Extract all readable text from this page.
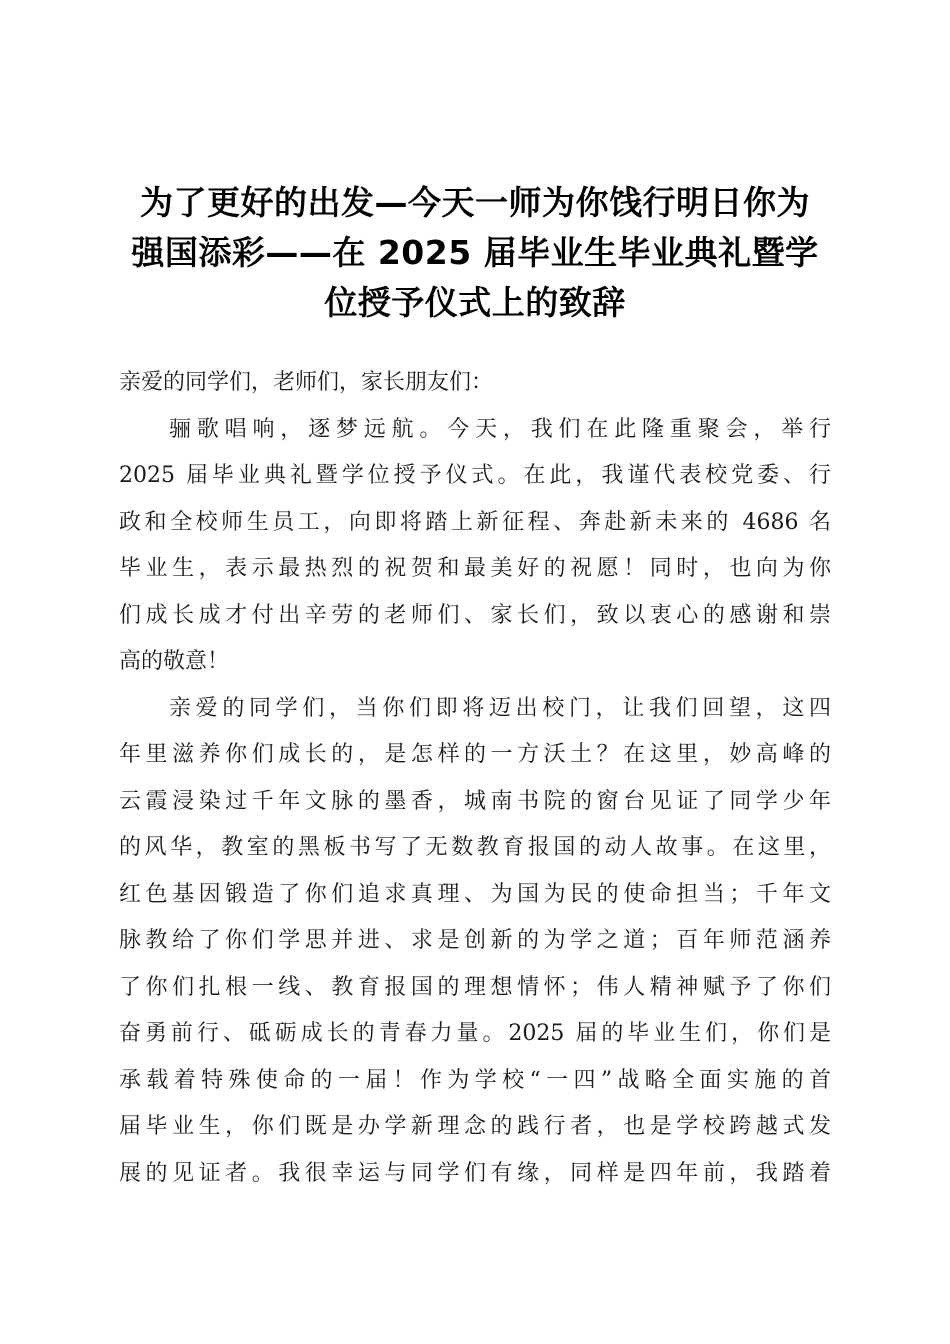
为了更好的出发—今天一师为你饯行明日你为
强国添彩——在 2025 届毕业生毕业典礼暨学
位授予仪式上的致辞
亲爱的同学们，老师们，家长朋友们：
骊歌唱响，逐梦远航。今天，我们在此隆重聚会，举行
2025 届毕业典礼暨学位授予仪式。在此，我谨代表校党委、行
政和全校师生员工，向即将踏上新征程、奔赴新未来的 4686 名
毕业生，表示最热烈的祝贺和最美好的祝愿！同时，也向为你
们成长成才付出辛劳的老师们、家长们，致以衷心的感谢和崇
高的敬意！
亲爱的同学们，当你们即将迈出校门，让我们回望，这四
年里滋养你们成长的，是怎样的一方沃土？在这里，妙高峰的
云霞浸染过千年文脉的墨香，城南书院的窗台见证了同学少年
的风华，教室的黑板书写了无数教育报国的动人故事。在这里，
红色基因锻造了你们追求真理、为国为民的使命担当；千年文
脉教给了你们学思并进、求是创新的为学之道；百年师范涵养
了你们扎根一线、教育报国的理想情怀；伟人精神赋予了你们
奋勇前行、砥砺成长的青春力量。2025 届的毕业生们，你们是
承载着特殊使命的一届！作为学校“一四”战略全面实施的首
届毕业生，你们既是办学新理念的践行者，也是学校跨越式发
展的见证者。我很幸运与同学们有缘，同样是四年前，我踏着
